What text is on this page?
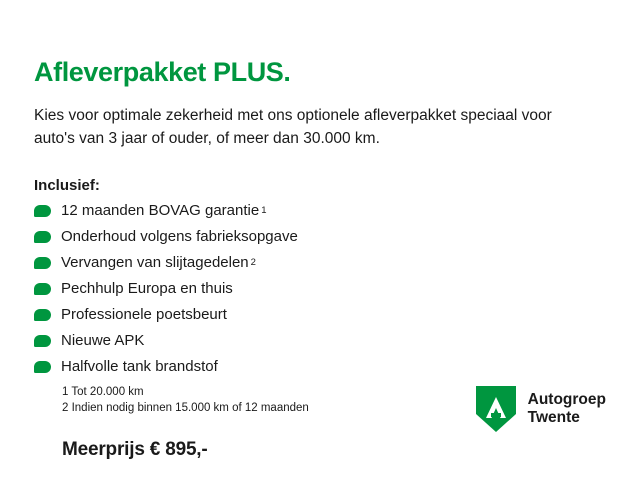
Afleverpakket PLUS.

Kies voor optimale zekerheid met ons optionele afleverpakket speciaal voor auto's van 3 jaar of ouder, of meer dan 30.000 km.

Inclusief:
12 maanden BOVAG garantie 1
Onderhoud volgens fabrieksopgave
Vervangen van slijtagedelen 2
Pechhulp Europa en thuis
Professionele poetsbeurt
Nieuwe APK
Halfvolle tank brandstof
1 Tot 20.000 km
2 Indien nodig binnen 15.000 km of 12 maanden
Meerprijs € 895,-
Autogroep
Twente
